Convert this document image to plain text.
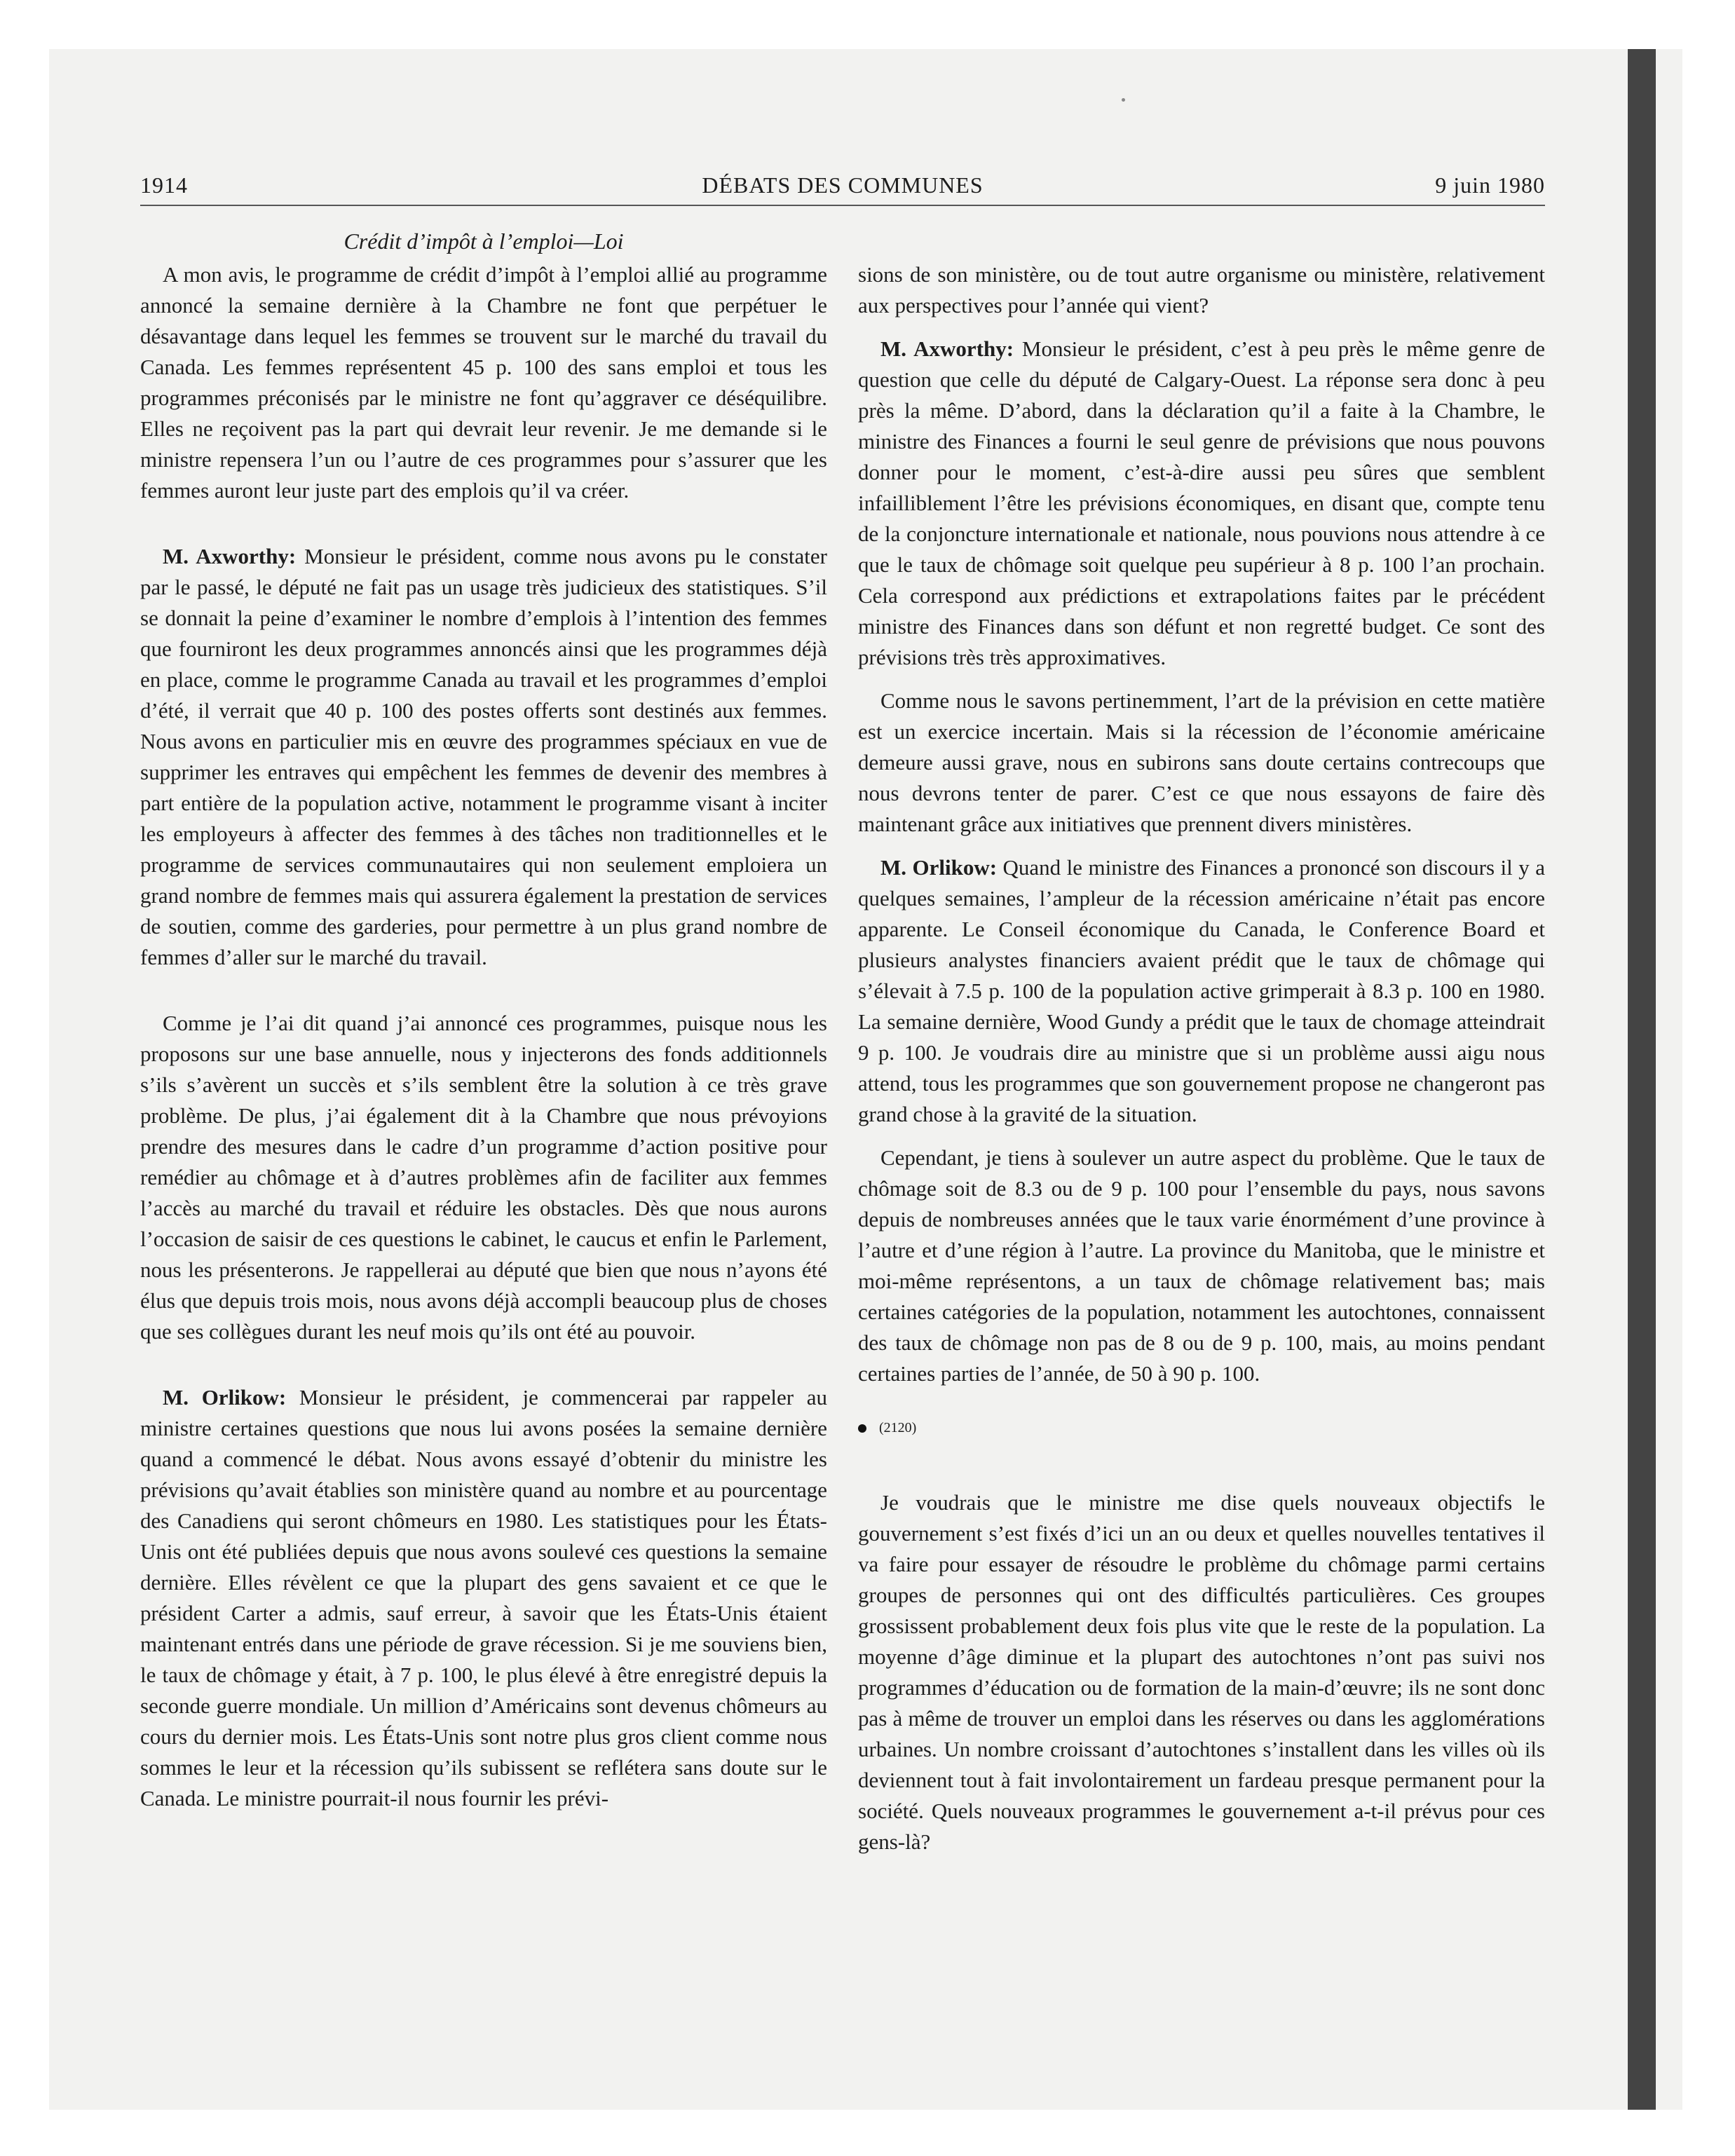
1914	DÉBATS DES COMMUNES	9 juin 1980
Crédit d’impôt à l’emploi—Loi

A mon avis, le programme de crédit d’impôt à l’emploi allié au programme annoncé la semaine dernière à la Chambre ne font que perpétuer le désavantage dans lequel les femmes se trouvent sur le marché du travail du Canada. Les femmes représentent 45 p. 100 des sans emploi et tous les programmes préconisés par le ministre ne font qu’aggraver ce déséquilibre. Elles ne reçoivent pas la part qui devrait leur revenir. Je me demande si le ministre repensera l’un ou l’autre de ces programmes pour s’assurer que les femmes auront leur juste part des emplois qu’il va créer.

M. Axworthy: Monsieur le président, comme nous avons pu le constater par le passé, le député ne fait pas un usage très judicieux des statistiques. S’il se donnait la peine d’examiner le nombre d’emplois à l’intention des femmes que fourniront les deux programmes annoncés ainsi que les programmes déjà en place, comme le programme Canada au travail et les programmes d’emploi d’été, il verrait que 40 p. 100 des postes offerts sont destinés aux femmes. Nous avons en particulier mis en œuvre des programmes spéciaux en vue de supprimer les entraves qui empêchent les femmes de devenir des membres à part entière de la population active, notamment le programme visant à inciter les employeurs à affecter des femmes à des tâches non traditionnelles et le programme de services communautaires qui non seulement emploiera un grand nombre de femmes mais qui assurera également la prestation de services de soutien, comme des garderies, pour permettre à un plus grand nombre de femmes d’aller sur le marché du travail.

Comme je l’ai dit quand j’ai annoncé ces programmes, puisque nous les proposons sur une base annuelle, nous y injecterons des fonds additionnels s’ils s’avèrent un succès et s’ils semblent être la solution à ce très grave problème. De plus, j’ai également dit à la Chambre que nous prévoyions prendre des mesures dans le cadre d’un programme d’action positive pour remédier au chômage et à d’autres problèmes afin de faciliter aux femmes l’accès au marché du travail et réduire les obstacles. Dès que nous aurons l’occasion de saisir de ces questions le cabinet, le caucus et enfin le Parlement, nous les présenterons. Je rappellerai au député que bien que nous n’ayons été élus que depuis trois mois, nous avons déjà accompli beaucoup plus de choses que ses collègues durant les neuf mois qu’ils ont été au pouvoir.

M. Orlikow: Monsieur le président, je commencerai par rappeler au ministre certaines questions que nous lui avons posées la semaine dernière quand a commencé le débat. Nous avons essayé d’obtenir du ministre les prévisions qu’avait établies son ministère quand au nombre et au pourcentage des Canadiens qui seront chômeurs en 1980. Les statistiques pour les États-Unis ont été publiées depuis que nous avons soulevé ces questions la semaine dernière. Elles révèlent ce que la plupart des gens savaient et ce que le président Carter a admis, sauf erreur, à savoir que les États-Unis étaient maintenant entrés dans une période de grave récession. Si je me souviens bien, le taux de chômage y était, à 7 p. 100, le plus élevé à être enregistré depuis la seconde guerre mondiale. Un million d’Américains sont devenus chômeurs au cours du dernier mois. Les États-Unis sont notre plus gros client comme nous sommes le leur et la récession qu’ils subissent se reflétera sans doute sur le Canada. Le ministre pourrait-il nous fournir les prévi-

sions de son ministère, ou de tout autre organisme ou ministère, relativement aux perspectives pour l’année qui vient?

M. Axworthy: Monsieur le président, c’est à peu près le même genre de question que celle du député de Calgary-Ouest. La réponse sera donc à peu près la même. D’abord, dans la déclaration qu’il a faite à la Chambre, le ministre des Finances a fourni le seul genre de prévisions que nous pouvons donner pour le moment, c’est-à-dire aussi peu sûres que semblent infailliblement l’être les prévisions économiques, en disant que, compte tenu de la conjoncture internationale et nationale, nous pouvions nous attendre à ce que le taux de chômage soit quelque peu supérieur à 8 p. 100 l’an prochain. Cela correspond aux prédictions et extrapolations faites par le précédent ministre des Finances dans son défunt et non regretté budget. Ce sont des prévisions très très approximatives.

Comme nous le savons pertinemment, l’art de la prévision en cette matière est un exercice incertain. Mais si la récession de l’économie américaine demeure aussi grave, nous en subirons sans doute certains contrecoups que nous devrons tenter de parer. C’est ce que nous essayons de faire dès maintenant grâce aux initiatives que prennent divers ministères.

M. Orlikow: Quand le ministre des Finances a prononcé son discours il y a quelques semaines, l’ampleur de la récession américaine n’était pas encore apparente. Le Conseil économique du Canada, le Conference Board et plusieurs analystes financiers avaient prédit que le taux de chômage qui s’élevait à 7.5 p. 100 de la population active grimperait à 8.3 p. 100 en 1980. La semaine dernière, Wood Gundy a prédit que le taux de chomage atteindrait 9 p. 100. Je voudrais dire au ministre que si un problème aussi aigu nous attend, tous les programmes que son gouvernement propose ne changeront pas grand chose à la gravité de la situation.

Cependant, je tiens à soulever un autre aspect du problème. Que le taux de chômage soit de 8.3 ou de 9 p. 100 pour l’ensemble du pays, nous savons depuis de nombreuses années que le taux varie énormément d’une province à l’autre et d’une région à l’autre. La province du Manitoba, que le ministre et moi-même représentons, a un taux de chômage relativement bas; mais certaines catégories de la population, notamment les autochtones, connaissent des taux de chômage non pas de 8 ou de 9 p. 100, mais, au moins pendant certaines parties de l’année, de 50 à 90 p. 100.

(2120)

Je voudrais que le ministre me dise quels nouveaux objectifs le gouvernement s’est fixés d’ici un an ou deux et quelles nouvelles tentatives il va faire pour essayer de résoudre le problème du chômage parmi certains groupes de personnes qui ont des difficultés particulières. Ces groupes grossissent probablement deux fois plus vite que le reste de la population. La moyenne d’âge diminue et la plupart des autochtones n’ont pas suivi nos programmes d’éducation ou de formation de la main-d’œuvre; ils ne sont donc pas à même de trouver un emploi dans les réserves ou dans les agglomérations urbaines. Un nombre croissant d’autochtones s’installent dans les villes où ils deviennent tout à fait involontairement un fardeau presque permanent pour la société. Quels nouveaux programmes le gouvernement a-t-il prévus pour ces gens-là?
